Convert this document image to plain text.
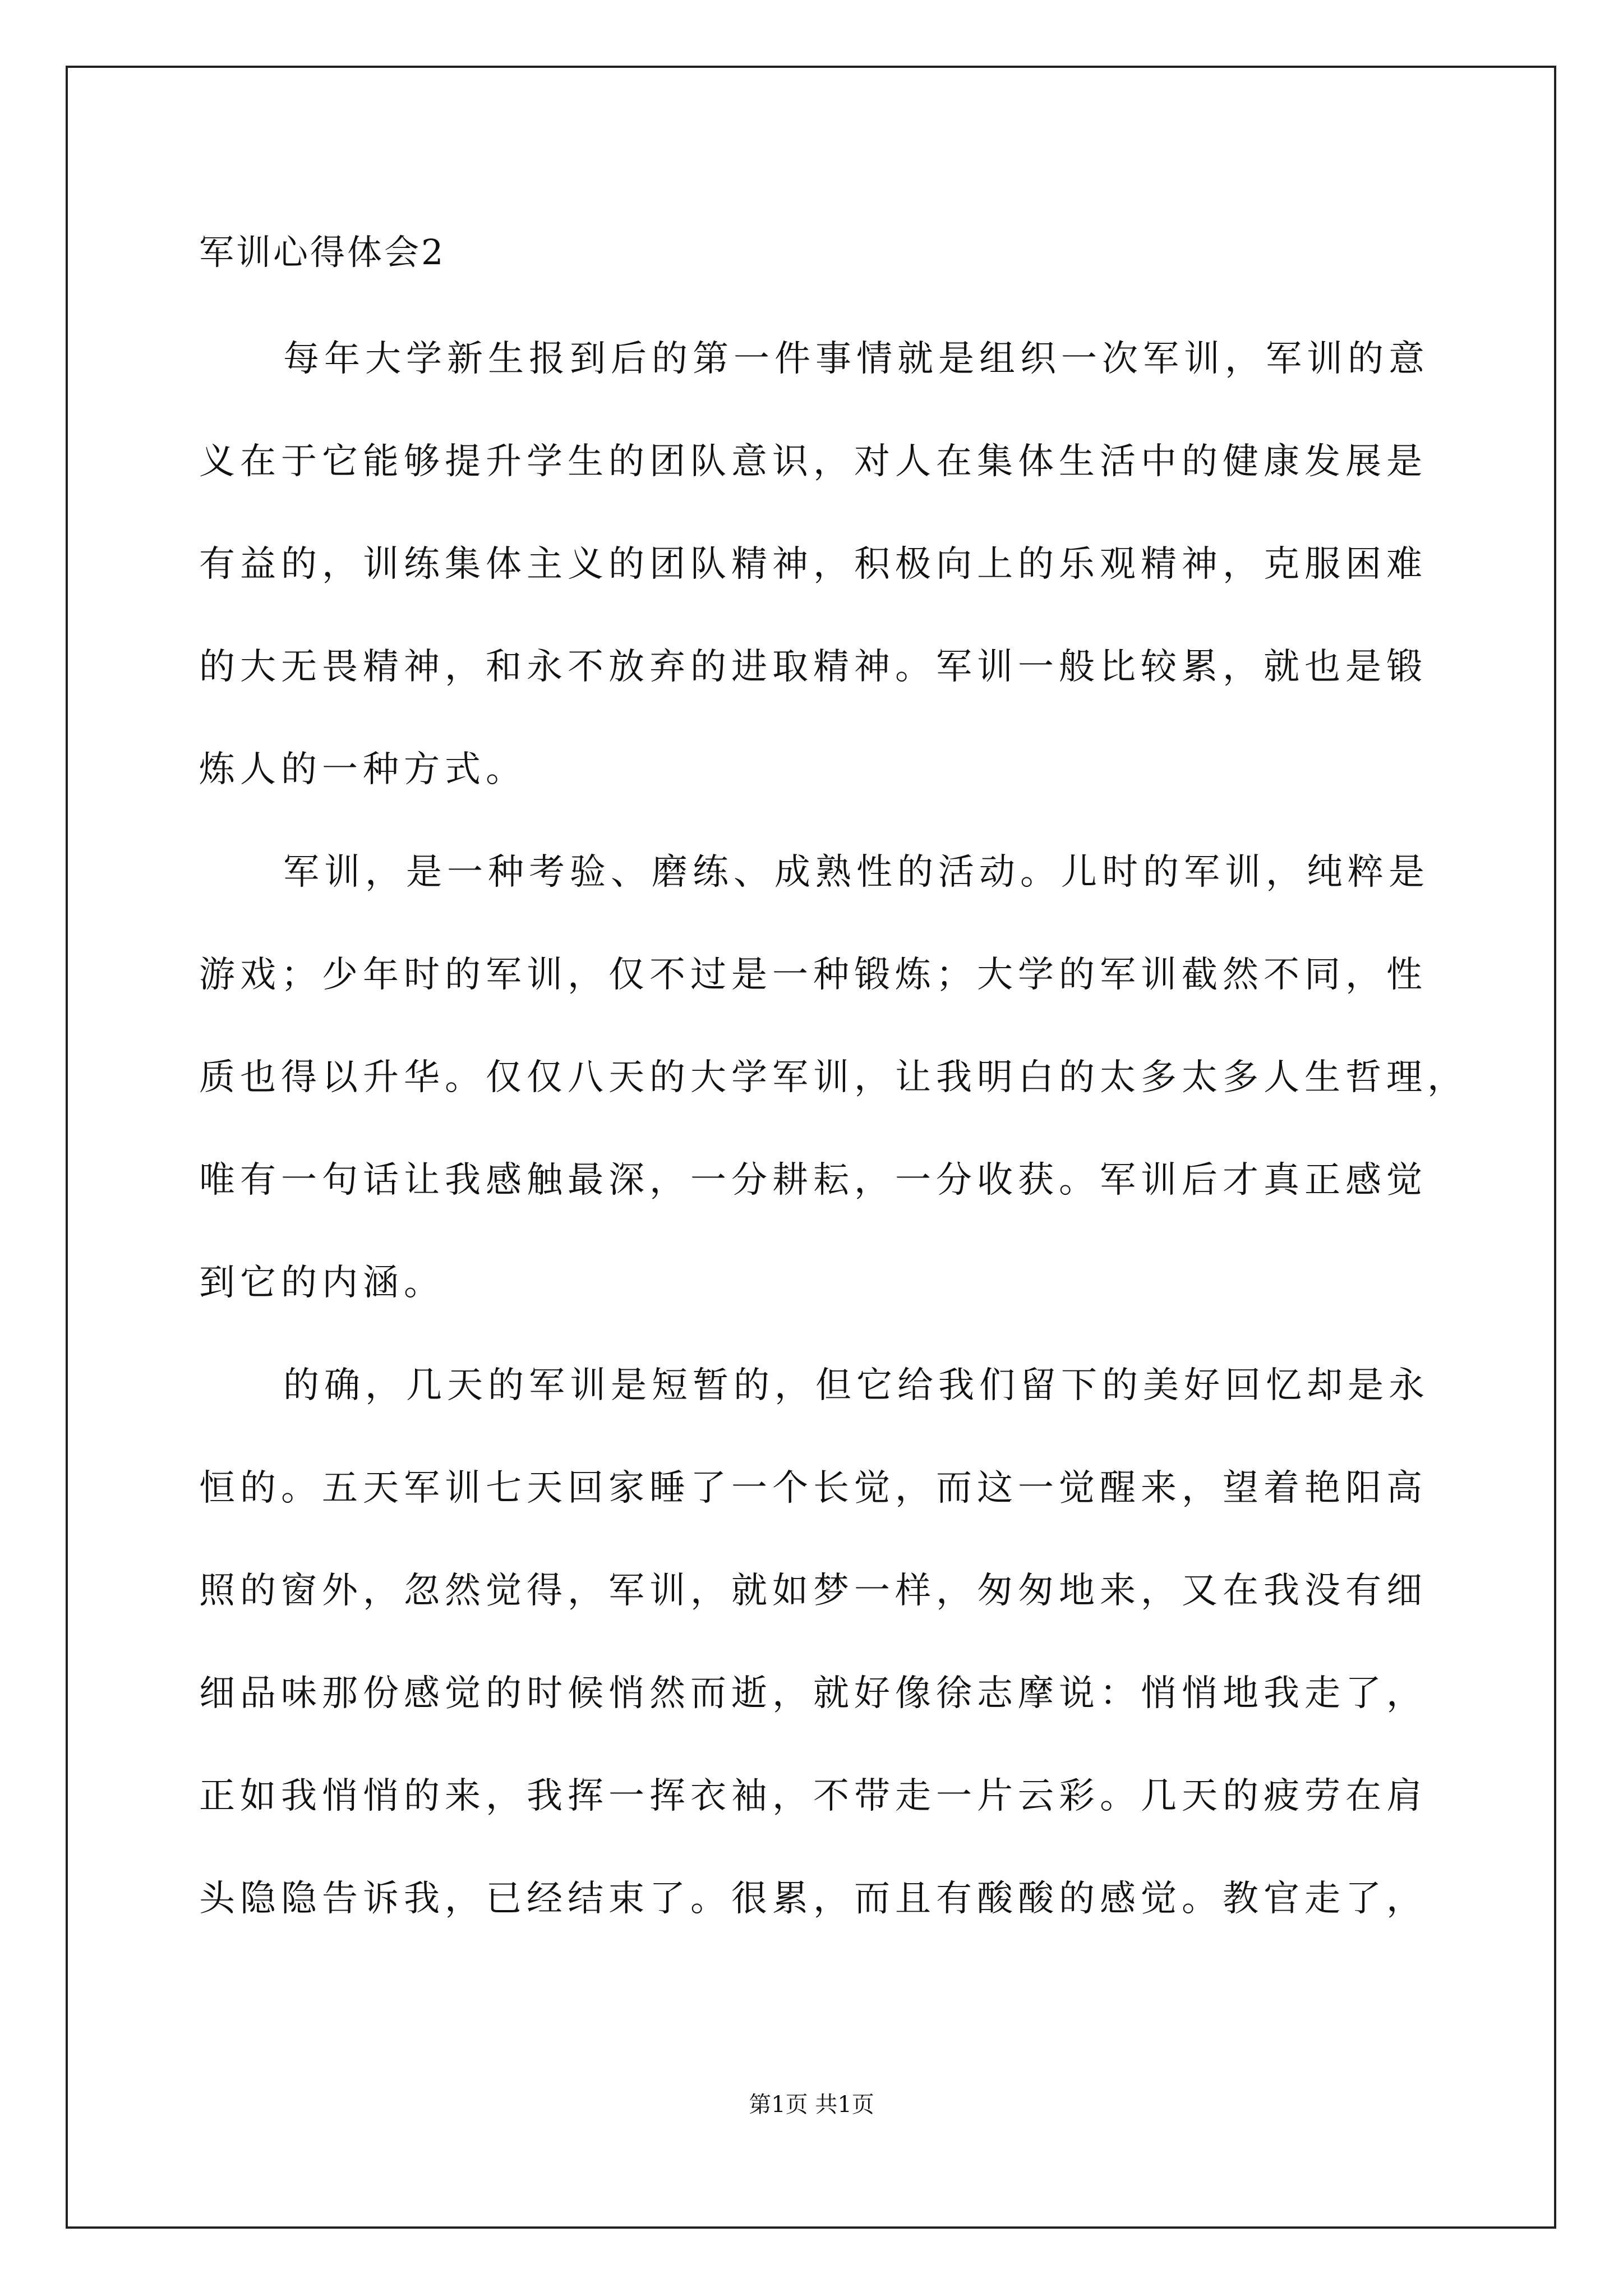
军训心得体会2
每年大学新生报到后的第一件事情就是组织一次军训，军训的意
义在于它能够提升学生的团队意识，对人在集体生活中的健康发展是
有益的，训练集体主义的团队精神，积极向上的乐观精神，克服困难
的大无畏精神，和永不放弃的进取精神。军训一般比较累，就也是锻
炼人的一种方式。
军训，是一种考验、磨练、成熟性的活动。儿时的军训，纯粹是
游戏；少年时的军训，仅不过是一种锻炼；大学的军训截然不同，性
质也得以升华。仅仅八天的大学军训，让我明白的太多太多人生哲理，
唯有一句话让我感触最深，一分耕耘，一分收获。军训后才真正感觉
到它的内涵。
的确，几天的军训是短暂的，但它给我们留下的美好回忆却是永
恒的。五天军训七天回家睡了一个长觉，而这一觉醒来，望着艳阳高
照的窗外，忽然觉得，军训，就如梦一样，匆匆地来，又在我没有细
细品味那份感觉的时候悄然而逝，就好像徐志摩说：悄悄地我走了，
正如我悄悄的来，我挥一挥衣袖，不带走一片云彩。几天的疲劳在肩
头隐隐告诉我，已经结束了。很累，而且有酸酸的感觉。教官走了，
第1页 共1页
